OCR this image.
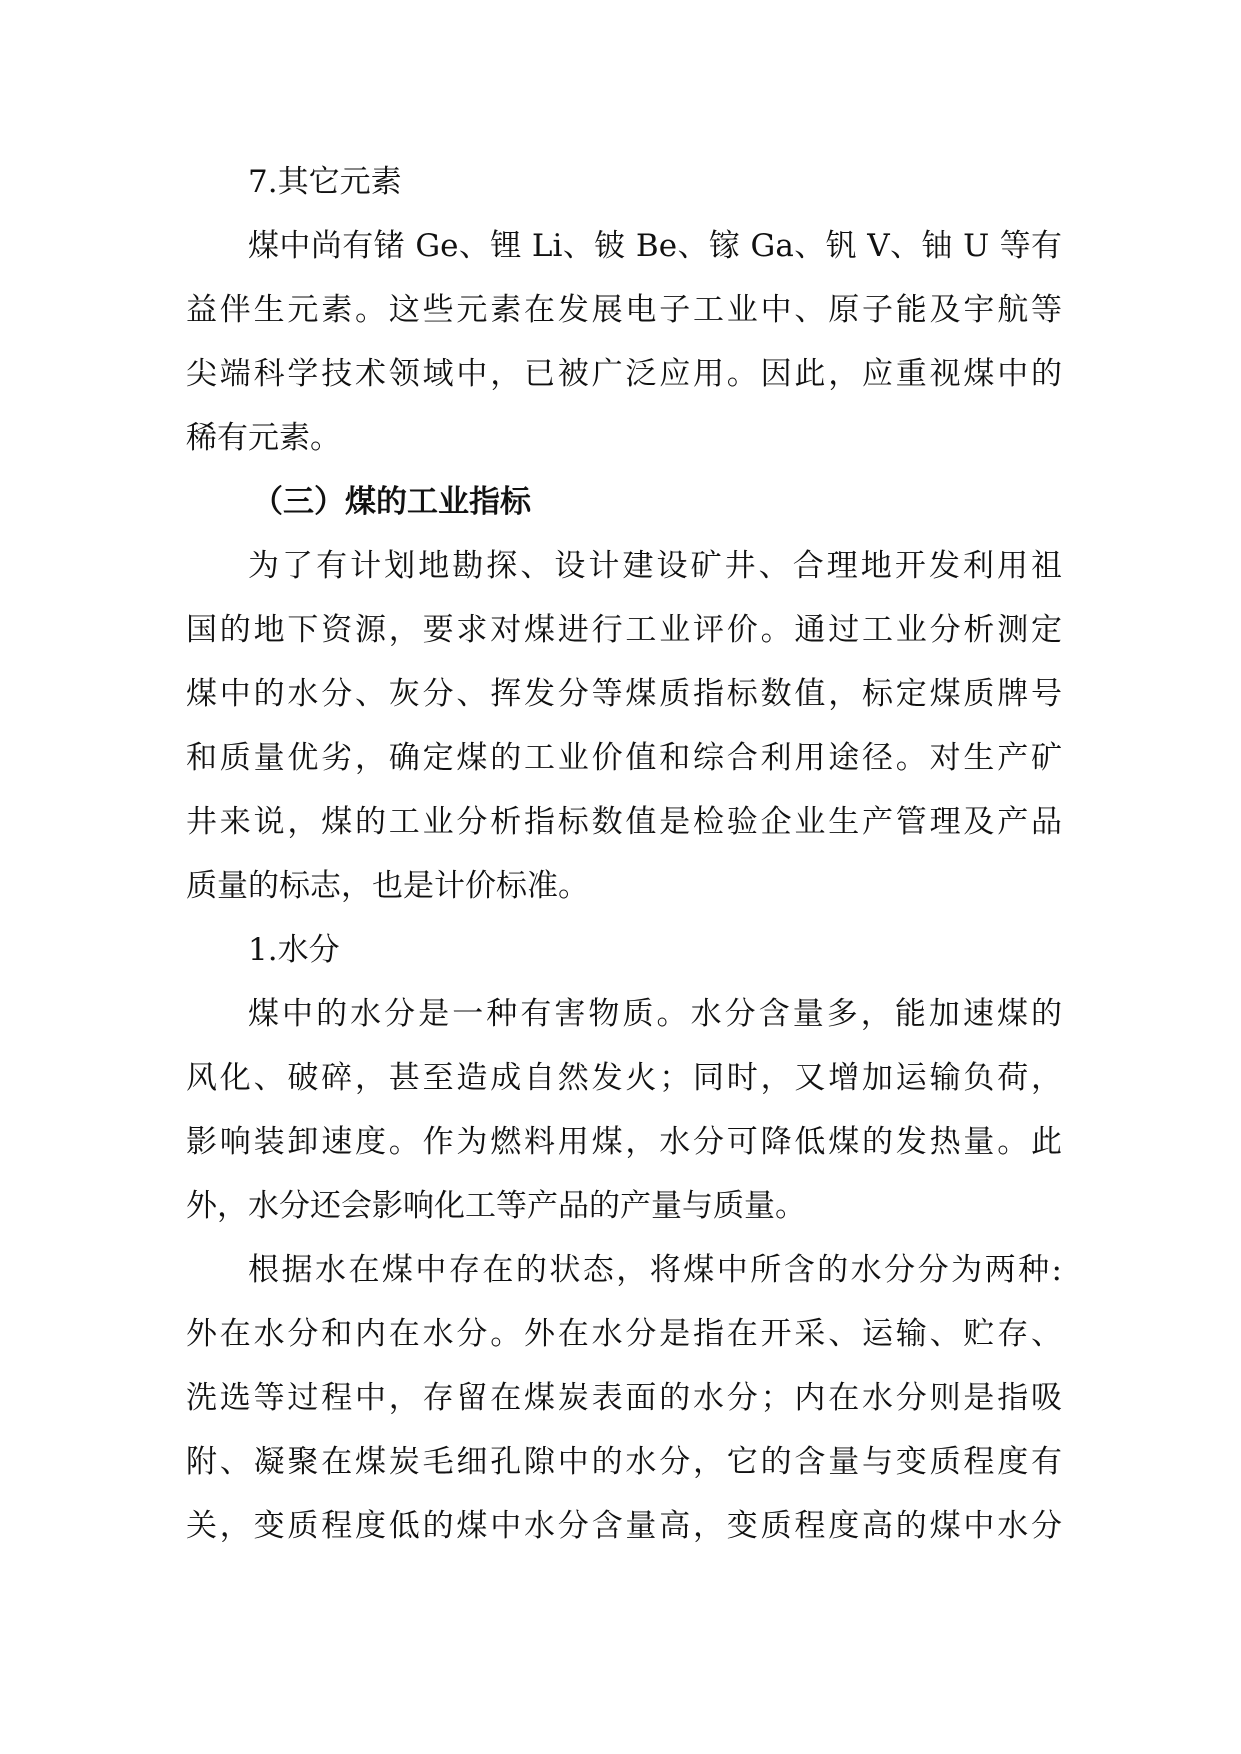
7.其它元素
煤中尚有锗 Ge、锂 Li、铍 Be、镓 Ga、钒 V、铀 U 等有
益伴生元素。这些元素在发展电子工业中、原子能及宇航等
尖端科学技术领域中，已被广泛应用。因此，应重视煤中的
稀有元素。
（三）煤的工业指标
为了有计划地勘探、设计建设矿井、合理地开发利用祖
国的地下资源，要求对煤进行工业评价。通过工业分析测定
煤中的水分、灰分、挥发分等煤质指标数值，标定煤质牌号
和质量优劣，确定煤的工业价值和综合利用途径。对生产矿
井来说，煤的工业分析指标数值是检验企业生产管理及产品
质量的标志，也是计价标准。
1.水分
煤中的水分是一种有害物质。水分含量多，能加速煤的
风化、破碎，甚至造成自然发火；同时，又增加运输负荷，
影响装卸速度。作为燃料用煤，水分可降低煤的发热量。此
外，水分还会影响化工等产品的产量与质量。
根据水在煤中存在的状态，将煤中所含的水分分为两种:
外在水分和内在水分。外在水分是指在开采、运输、贮存、
洗选等过程中，存留在煤炭表面的水分；内在水分则是指吸
附、凝聚在煤炭毛细孔隙中的水分，它的含量与变质程度有
关，变质程度低的煤中水分含量高，变质程度高的煤中水分
